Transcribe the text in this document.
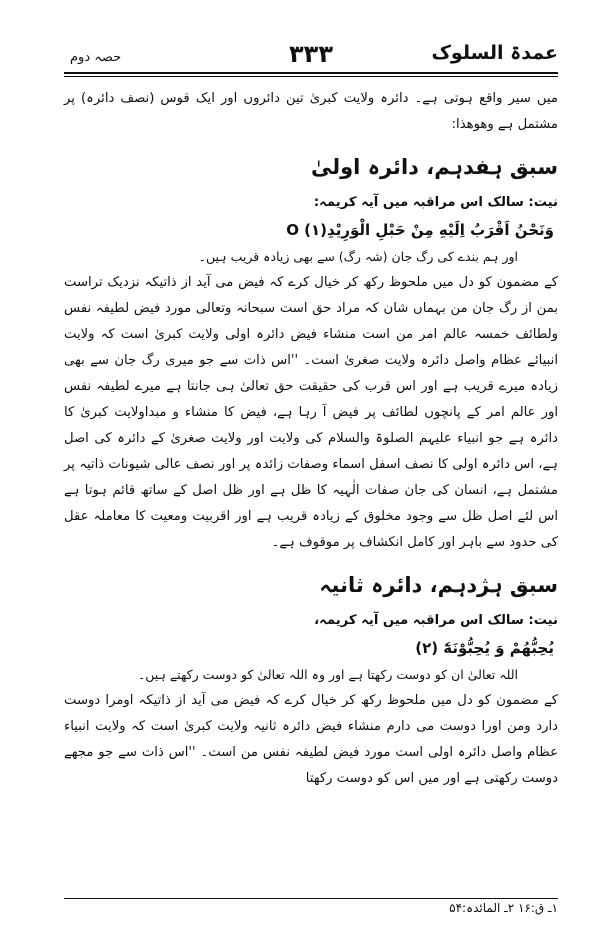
عمدۃ السلوک
۳۳۳
حصہ دوم

میں سیر واقع ہوتی ہے۔ دائرہ ولایت کبریٰ تین دائروں اور ایک قوس (نصف دائرہ) پر مشتمل ہے وھوھذا:

سبق ہفدہم، دائرہ اولیٰ

نیت: سالک اس مراقبہ میں آیہ کریمہ:

وَنَحْنُ اَقْرَبُ اِلَیْهِ مِنْ حَبْلِ الْوَرِیْدِO (۱)

اور ہم بندے کی رگ جان (شہ رگ) سے بھی زیادہ قریب ہیں۔

کے مضمون کو دل میں ملحوظ رکھ کر خیال کرے کہ فیض می آید از ذاتیکہ نزدیک تراست بمن از رگ جان من بہماں شان کہ مراد حق است سبحانہ وتعالی مورد فیض لطیفہ نفس ولطائف خمسہ عالم امر من است منشاء فیض دائرہ اولی ولایت کبریٰ است کہ ولایت انبیائے عظام واصل دائرہ ولایت صغریٰ است۔ ''اس ذات سے جو میری رگ جان سے بھی زیادہ میرے قریب ہے اور اس قرب کی حقیقت حق تعالیٰ ہی جانتا ہے میرے لطیفہ نفس اور عالم امر کے پانچوں لطائف پر فیض آ رہا ہے، فیض کا منشاء و مبداولایت کبریٰ کا دائرہ ہے جو انبیاء علیہم الصلوۃ والسلام کی ولایت اور ولایت صغریٰ کے دائرہ کی اصل ہے، اس دائرہ اولی کا نصف اسفل اسماء وصفات زائدہ پر اور نصف عالی شیونات ذاتیہ پر مشتمل ہے، انسان کی جان صفات الٰہیہ کا ظل ہے اور ظل اصل کے ساتھ قائم ہوتا ہے اس لئے اصل ظل سے وجود مخلوق کے زیادہ قریب ہے اور اقربیت ومعیت کا معاملہ عقل کی حدود سے باہر اور کامل انکشاف پر موقوف ہے۔

سبق ہژدہم، دائرہ ثانیہ

نیت: سالک اس مراقبہ میں آیہ کریمہ،

یُحِبُّهُمْ وَ یُحِبُّوْنَهٗٓ (۲)

اللہ تعالیٰ ان کو دوست رکھتا ہے اور وہ اللہ تعالیٰ کو دوست رکھتے ہیں۔

کے مضمون کو دل میں ملحوظ رکھ کر خیال کرے کہ فیض می آید از ذاتیکہ اومرا دوست دارد ومن اورا دوست می دارم منشاء فیض دائرہ ثانیہ ولایت کبریٰ است کہ ولایت انبیاء عظام واصل دائرہ اولی است مورد فیض لطیفہ نفس من است۔ ''اس ذات سے جو مجھے دوست رکھتی ہے اور میں اس کو دوست رکھتا

۱ـ ق:۱۶ ۲ـ المائدہ:۵۴
